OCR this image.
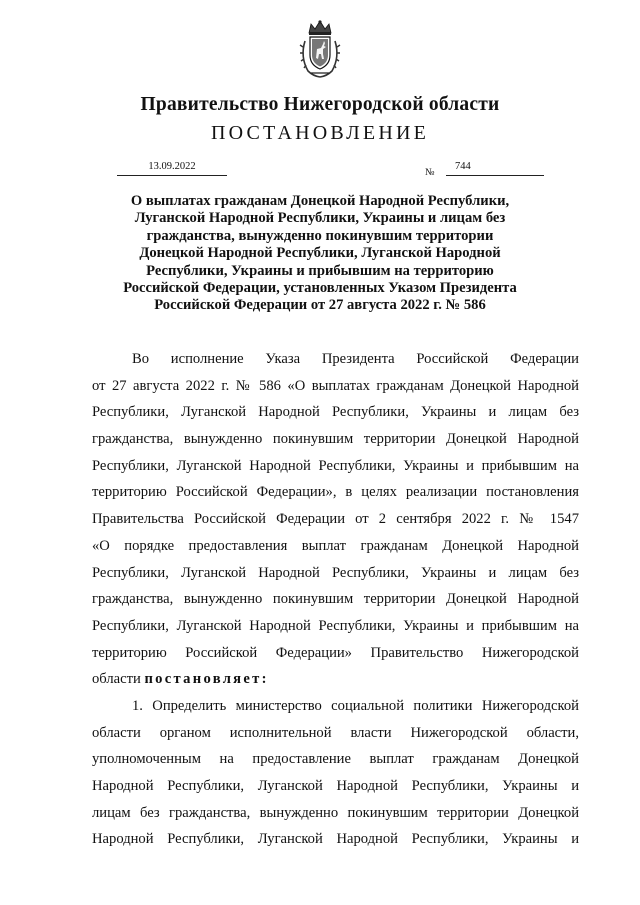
Правительство Нижегородской области
ПОСТАНОВЛЕНИЕ
13.09.2022
№
744
О выплатах гражданам Донецкой Народной Республики,
Луганской Народной Республики, Украины и лицам без
гражданства, вынужденно покинувшим территории
Донецкой Народной Республики, Луганской Народной
Республики, Украины и прибывшим на территорию
Российской Федерации, установленных Указом Президента
Российской Федерации от 27 августа 2022 г. № 586
Во исполнение Указа Президента Российской Федерации
от 27 августа 2022 г. № 586 «О выплатах гражданам Донецкой Народной
Республики, Луганской Народной Республики, Украины и лицам без
гражданства, вынужденно покинувшим территории Донецкой Народной
Республики, Луганской Народной Республики, Украины и прибывшим на
территорию Российской Федерации», в целях реализации постановления
Правительства Российской Федерации от 2 сентября 2022 г. № 1547
«О порядке предоставления выплат гражданам Донецкой Народной
Республики, Луганской Народной Республики, Украины и лицам без
гражданства, вынужденно покинувшим территории Донецкой Народной
Республики, Луганской Народной Республики, Украины и прибывшим на
территорию Российской Федерации» Правительство Нижегородской
области постановляет:
1. Определить министерство социальной политики Нижегородской
области органом исполнительной власти Нижегородской области,
уполномоченным на предоставление выплат гражданам Донецкой
Народной Республики, Луганской Народной Республики, Украины и
лицам без гражданства, вынужденно покинувшим территории Донецкой
Народной Республики, Луганской Народной Республики, Украины и
